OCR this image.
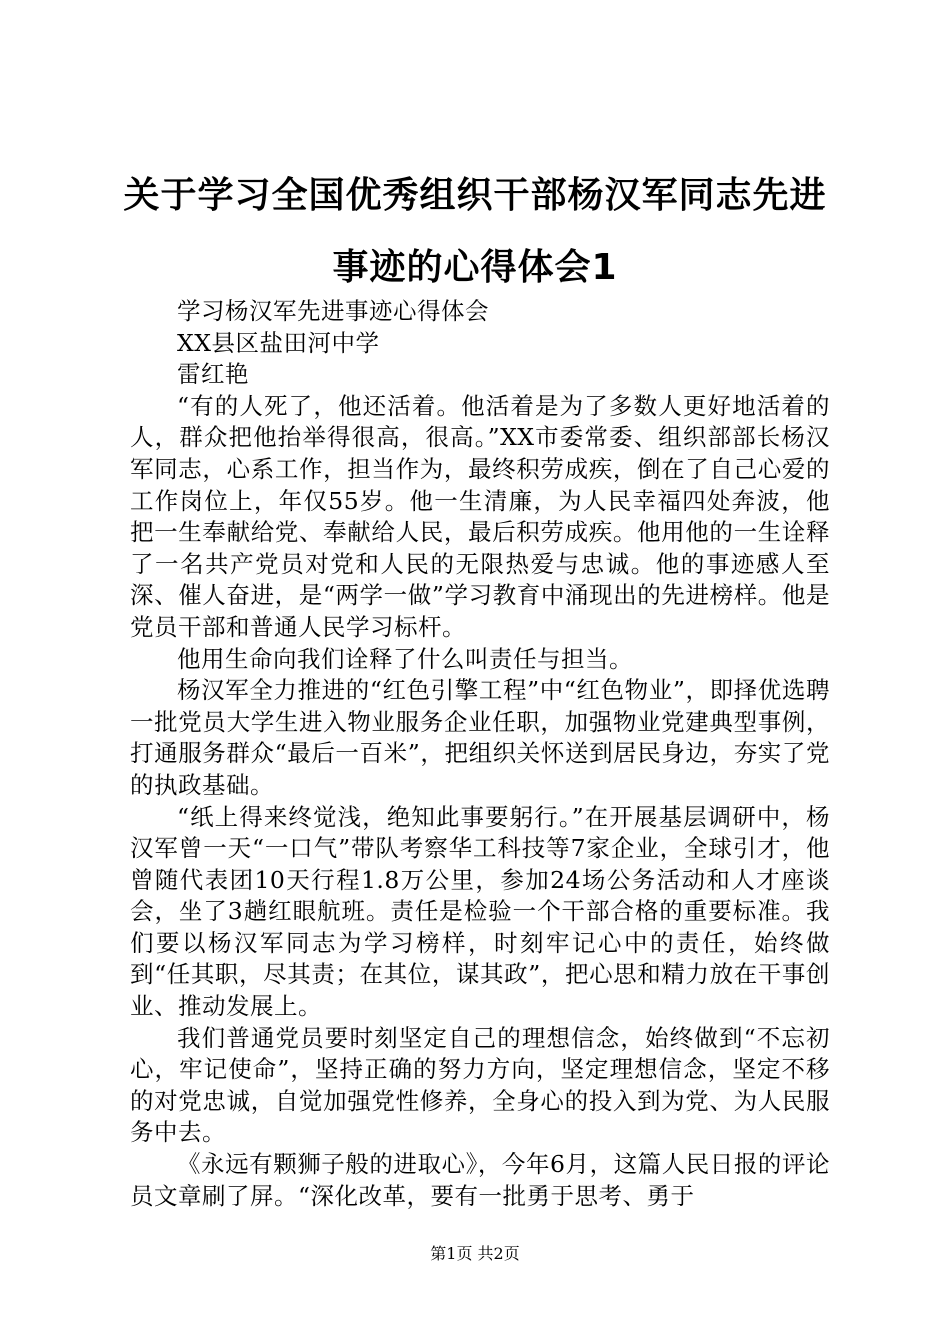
关于学习全国优秀组织干部杨汉军同志先进事迹的心得体会1

学习杨汉军先进事迹心得体会

XX县区盐田河中学

雷红艳

“有的人死了，他还活着。他活着是为了多数人更好地活着的人，群众把他抬举得很高，很高。”XX市委常委、组织部部长杨汉军同志，心系工作，担当作为，最终积劳成疾，倒在了自己心爱的工作岗位上，年仅55岁。他一生清廉，为人民幸福四处奔波，他把一生奉献给党、奉献给人民，最后积劳成疾。他用他的一生诠释了一名共产党员对党和人民的无限热爱与忠诚。他的事迹感人至深、催人奋进，是“两学一做”学习教育中涌现出的先进榜样。他是党员干部和普通人民学习标杆。

他用生命向我们诠释了什么叫责任与担当。

杨汉军全力推进的“红色引擎工程”中“红色物业”，即择优选聘一批党员大学生进入物业服务企业任职，加强物业党建典型事例，打通服务群众“最后一百米”，把组织关怀送到居民身边，夯实了党的执政基础。

“纸上得来终觉浅，绝知此事要躬行。”在开展基层调研中，杨汉军曾一天“一口气”带队考察华工科技等7家企业，全球引才，他曾随代表团10天行程1.8万公里，参加24场公务活动和人才座谈会，坐了3趟红眼航班。责任是检验一个干部合格的重要标准。我们要以杨汉军同志为学习榜样，时刻牢记心中的责任，始终做到“任其职，尽其责；在其位，谋其政”，把心思和精力放在干事创业、推动发展上。

我们普通党员要时刻坚定自己的理想信念，始终做到“不忘初心，牢记使命”，坚持正确的努力方向，坚定理想信念，坚定不移的对党忠诚，自觉加强党性修养，全身心的投入到为党、为人民服务中去。

《永远有颗狮子般的进取心》，今年6月，这篇人民日报的评论员文章刷了屏。“深化改革，要有一批勇于思考、勇于

第1页 共2页
